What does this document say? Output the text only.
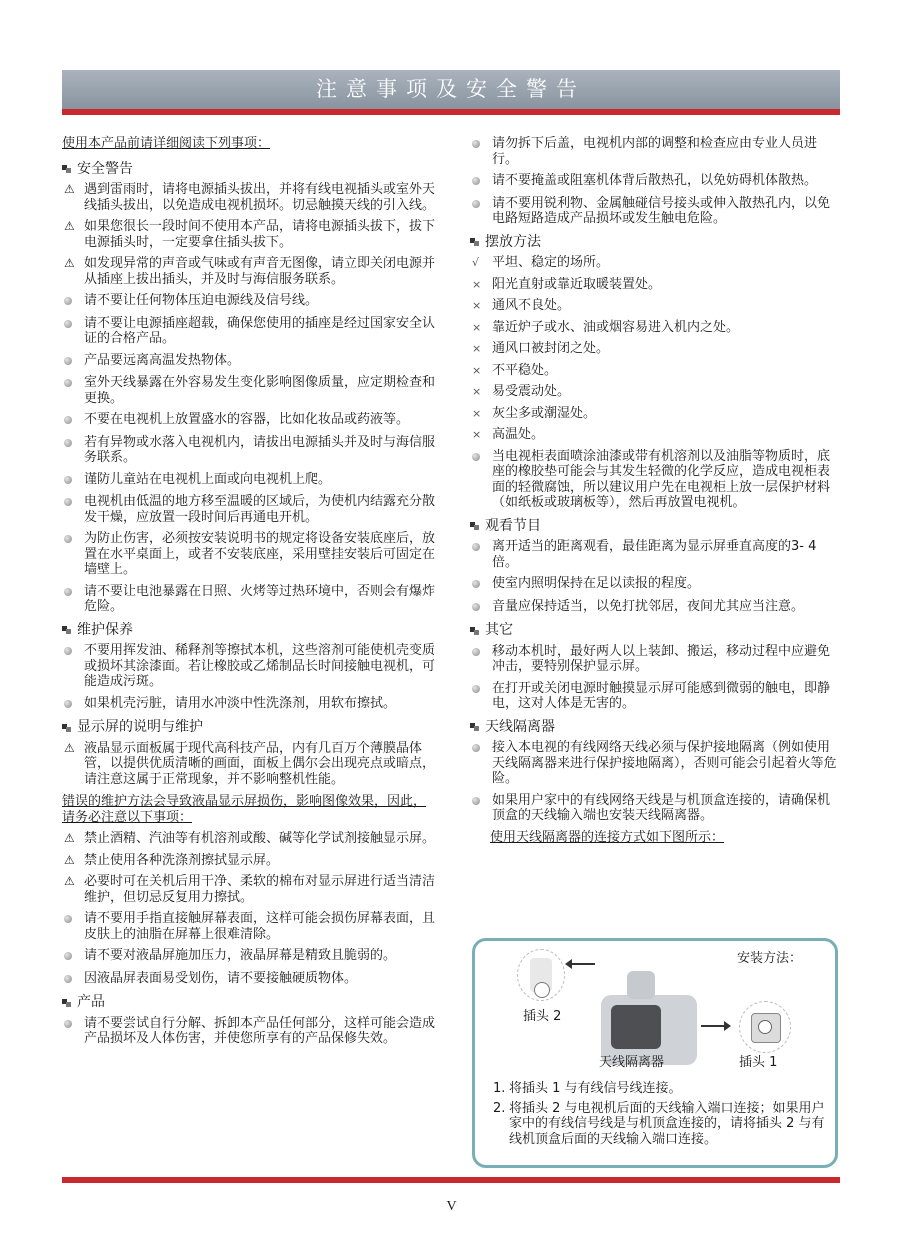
注意事项及安全警告
使用本产品前请详细阅读下列事项：
安全警告
⚠ 遇到雷雨时，请将电源插头拔出，并将有线电视插头或室外天线插头拔出，以免造成电视机损坏。切忌触摸天线的引入线。
⚠ 如果您很长一段时间不使用本产品，请将电源插头拔下，拔下电源插头时，一定要拿住插头拔下。
⚠ 如发现异常的声音或气味或有声音无图像，请立即关闭电源并从插座上拔出插头，并及时与海信服务联系。
请不要让任何物体压迫电源线及信号线。
请不要让电源插座超载，确保您使用的插座是经过国家安全认证的合格产品。
产品要远离高温发热物体。
室外天线暴露在外容易发生变化影响图像质量，应定期检查和更换。
不要在电视机上放置盛水的容器，比如化妆品或药液等。
若有异物或水落入电视机内，请拔出电源插头并及时与海信服务联系。
谨防儿童站在电视机上面或向电视机上爬。
电视机由低温的地方移至温暖的区域后，为使机内结露充分散发干燥，应放置一段时间后再通电开机。
为防止伤害，必须按安装说明书的规定将设备安装底座后，放置在水平桌面上，或者不安装底座，采用壁挂安装后可固定在墙壁上。
请不要让电池暴露在日照、火烤等过热环境中，否则会有爆炸危险。
维护保养
不要用挥发油、稀释剂等擦拭本机，这些溶剂可能使机壳变质或损坏其涂漆面。若让橡胶或乙烯制品长时间接触电视机，可能造成污斑。
如果机壳污脏，请用水冲淡中性洗涤剂，用软布擦拭。
显示屏的说明与维护
⚠ 液晶显示面板属于现代高科技产品，内有几百万个薄膜晶体管，以提供优质清晰的画面，面板上偶尔会出现亮点或暗点，请注意这属于正常现象，并不影响整机性能。
错误的维护方法会导致液晶显示屏损伤，影响图像效果，因此，请务必注意以下事项：
⚠ 禁止酒精、汽油等有机溶剂或酸、碱等化学试剂接触显示屏。
⚠ 禁止使用各种洗涤剂擦拭显示屏。
⚠ 必要时可在关机后用干净、柔软的棉布对显示屏进行适当清洁维护，但切忌反复用力擦拭。
请不要用手指直接触屏幕表面，这样可能会损伤屏幕表面，且皮肤上的油脂在屏幕上很难清除。
请不要对液晶屏施加压力，液晶屏幕是精致且脆弱的。
因液晶屏表面易受划伤，请不要接触硬质物体。
产品
请不要尝试自行分解、拆卸本产品任何部分，这样可能会造成产品损坏及人体伤害，并使您所享有的产品保修失效。
请勿拆下后盖，电视机内部的调整和检查应由专业人员进行。
请不要掩盖或阻塞机体背后散热孔，以免妨碍机体散热。
请不要用锐利物、金属触碰信号接头或伸入散热孔内，以免电路短路造成产品损坏或发生触电危险。
摆放方法
√ 平坦、稳定的场所。
× 阳光直射或靠近取暖装置处。
× 通风不良处。
× 靠近炉子或水、油或烟容易进入机内之处。
× 通风口被封闭之处。
× 不平稳处。
× 易受震动处。
× 灰尘多或潮湿处。
× 高温处。
当电视柜表面喷涂油漆或带有机溶剂以及油脂等物质时，底座的橡胶垫可能会与其发生轻微的化学反应，造成电视柜表面的轻微腐蚀，所以建议用户先在电视柜上放一层保护材料（如纸板或玻璃板等），然后再放置电视机。
观看节目
离开适当的距离观看，最佳距离为显示屏垂直高度的3- 4倍。
使室内照明保持在足以读报的程度。
音量应保持适当，以免打扰邻居，夜间尤其应当注意。
其它
移动本机时，最好两人以上装卸、搬运，移动过程中应避免冲击，要特别保护显示屏。
在打开或关闭电源时触摸显示屏可能感到微弱的触电，即静电，这对人体是无害的。
天线隔离器
接入本电视的有线网络天线必须与保护接地隔离（例如使用天线隔离器来进行保护接地隔离），否则可能会引起着火等危险。
如果用户家中的有线网络天线是与机顶盒连接的，请确保机顶盒的天线输入端也安装天线隔离器。
使用天线隔离器的连接方式如下图所示：
安装方法：
插头 2
天线隔离器	插头 1
1. 将插头 1 与有线信号线连接。
2. 将插头 2 与电视机后面的天线输入端口连接；如果用户家中的有线信号线是与机顶盒连接的，请将插头 2 与有线机顶盒后面的天线输入端口连接。
V
